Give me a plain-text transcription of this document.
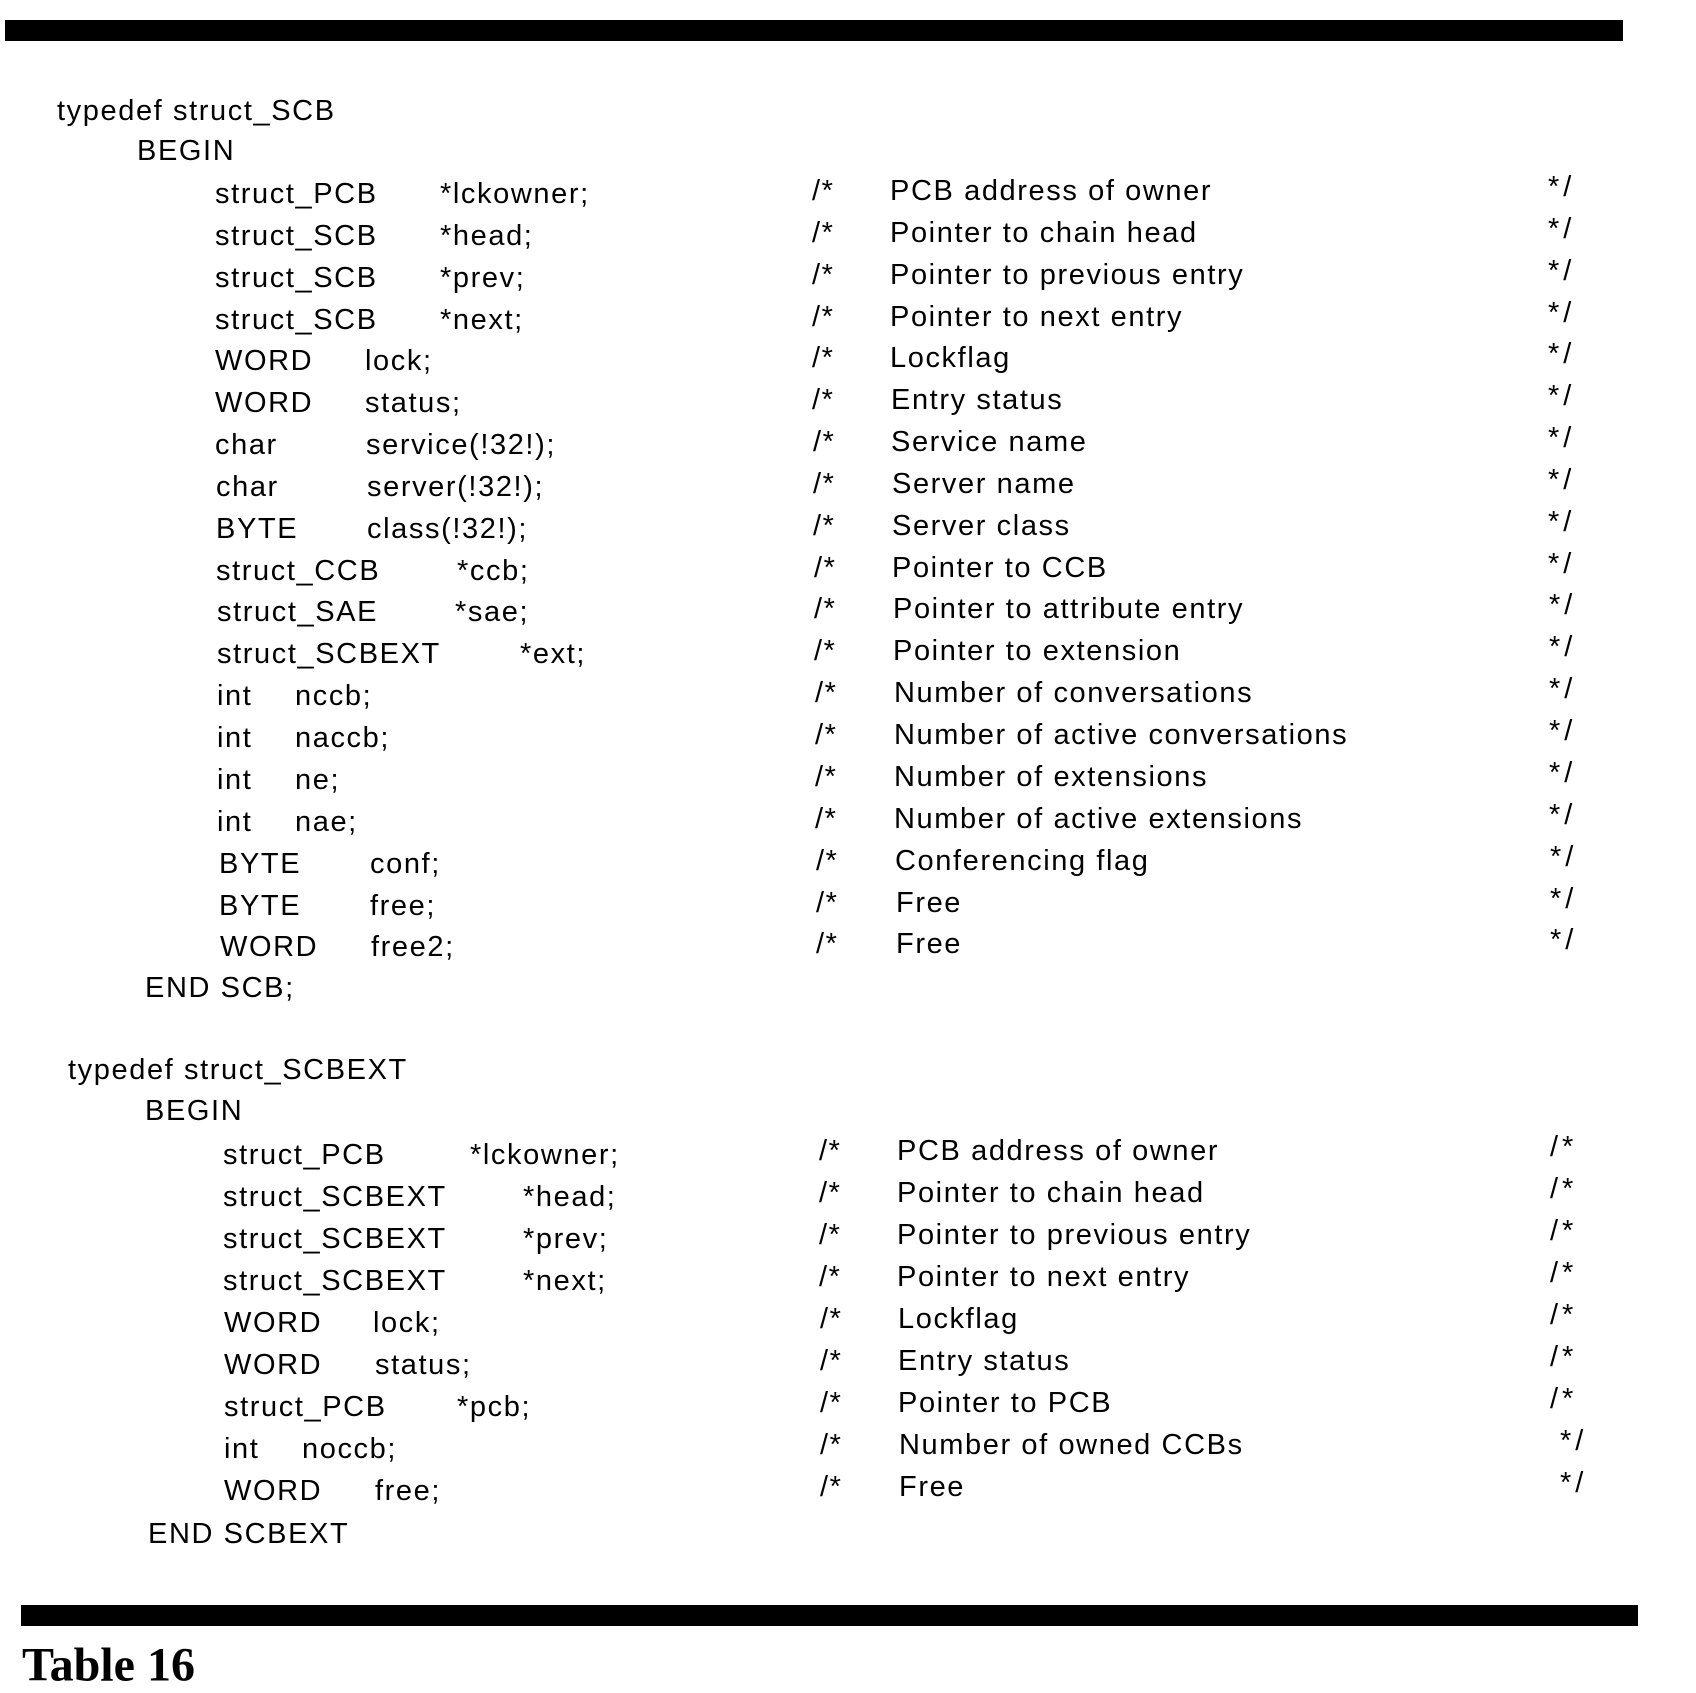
typedef struct_SCB
BEGIN
struct_PCB *lckowner;	/* PCB address of owner	*/
struct_SCB *head;	/* Pointer to chain head	*/
struct_SCB *prev;	/* Pointer to previous entry	*/
struct_SCB *next;	/* Pointer to next entry	*/
WORD lock;	/* Lockflag	*/
WORD status;	/* Entry status	*/
char	service(!32!);	/* Service name	*/
char	server(!32!);	/* Server name	*/
BYTE class(!32!);	/* Server class	*/
struct_CCB	*ccb;	/* Pointer to CCB	*/
struct_SAE	*sae;	/* Pointer to attribute entry	*/
struct_SCBEXT	*ext;	/* Pointer to extension	*/
int nccb;	/* Number of conversations	*/
int naccb;	/* Number of active conversations	*/
int ne;	/* Number of extensions	*/
int nae;	/* Number of active extensions	*/
BYTE conf;	/* Conferencing flag	*/
BYTE free;	/* Free	*/
WORD free2;	/* Free	*/
END SCB;
typedef struct_SCBEXT
BEGIN
struct_PCB	*lckowner;	/* PCB address of owner	/*
struct_SCBEXT	*head;	/* Pointer to chain head	/*
struct_SCBEXT	*prev;	/* Pointer to previous entry	/*
struct_SCBEXT	*next;	/* Pointer to next entry	/*
WORD lock;	/* Lockflag	/*
WORD status;	/* Entry status	/*
struct_PCB *pcb;	/* Pointer to PCB	/*
int noccb;	/* Number of owned CCBs	*/
WORD free;	/* Free	*/
END SCBEXT
Table 16
